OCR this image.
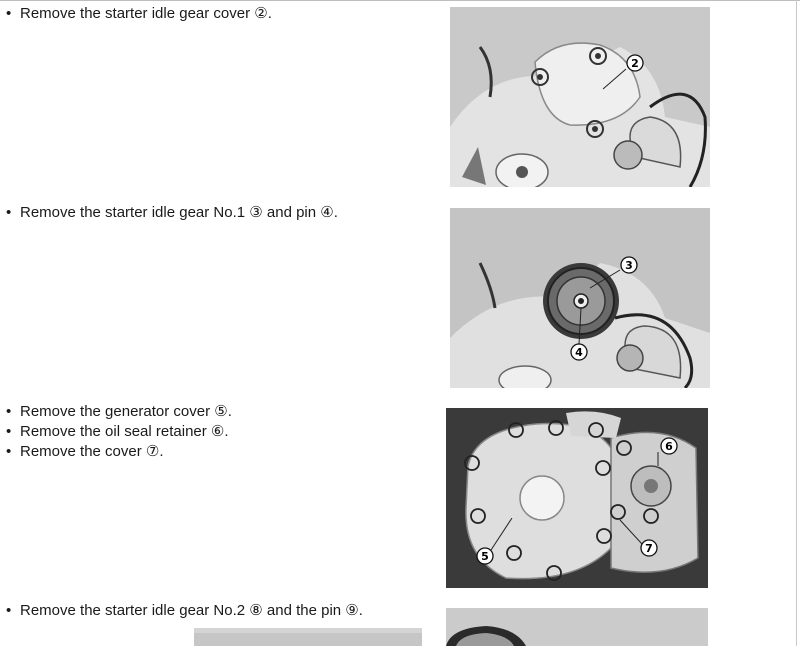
• Remove the starter idle gear cover ②.
• Remove the starter idle gear No.1 ③ and pin ④.
• Remove the generator cover ⑤.
• Remove the oil seal retainer ⑥.
• Remove the cover ⑦.
• Remove the starter idle gear No.2 ⑧ and the pin ⑨.
2
3
4
5
6
7
